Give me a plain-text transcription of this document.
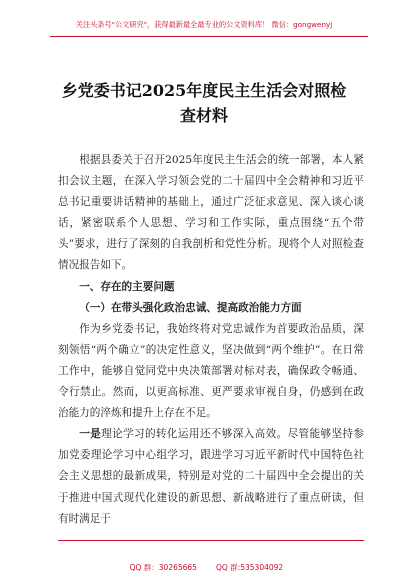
关注头条号"公文研究"，获得最新最全最专业的公文资料库！ 微信：gongwenyj
乡党委书记2025年度民主生活会对照检
查材料

根据县委关于召开2025年度民主生活会的统一部署，本人紧扣会议主题，在深入学习领会党的二十届四中全会精神和习近平总书记重要讲话精神的基础上，通过广泛征求意见、深入谈心谈话，紧密联系个人思想、学习和工作实际，重点围绕“五个带头”要求，进行了深刻的自我剖析和党性分析。现将个人对照检查情况报告如下。

一、存在的主要问题

（一）在带头强化政治忠诚、提高政治能力方面

作为乡党委书记，我始终将对党忠诚作为首要政治品质，深刻领悟“两个确立”的决定性意义，坚决做到“两个维护”。在日常工作中，能够自觉同党中央决策部署对标对表，确保政令畅通、令行禁止。然而，以更高标准、更严要求审视自身，仍感到在政治能力的淬炼和提升上存在不足。

一是理论学习的转化运用还不够深入高效。尽管能够坚持参加党委理论学习中心组学习，跟进学习习近平新时代中国特色社会主义思想的最新成果，特别是对党的二十届四中全会提出的关于推进中国式现代化建设的新思想、新战略进行了重点研读，但有时满足于

QQ 群：30265665        QQ 群:535304092
